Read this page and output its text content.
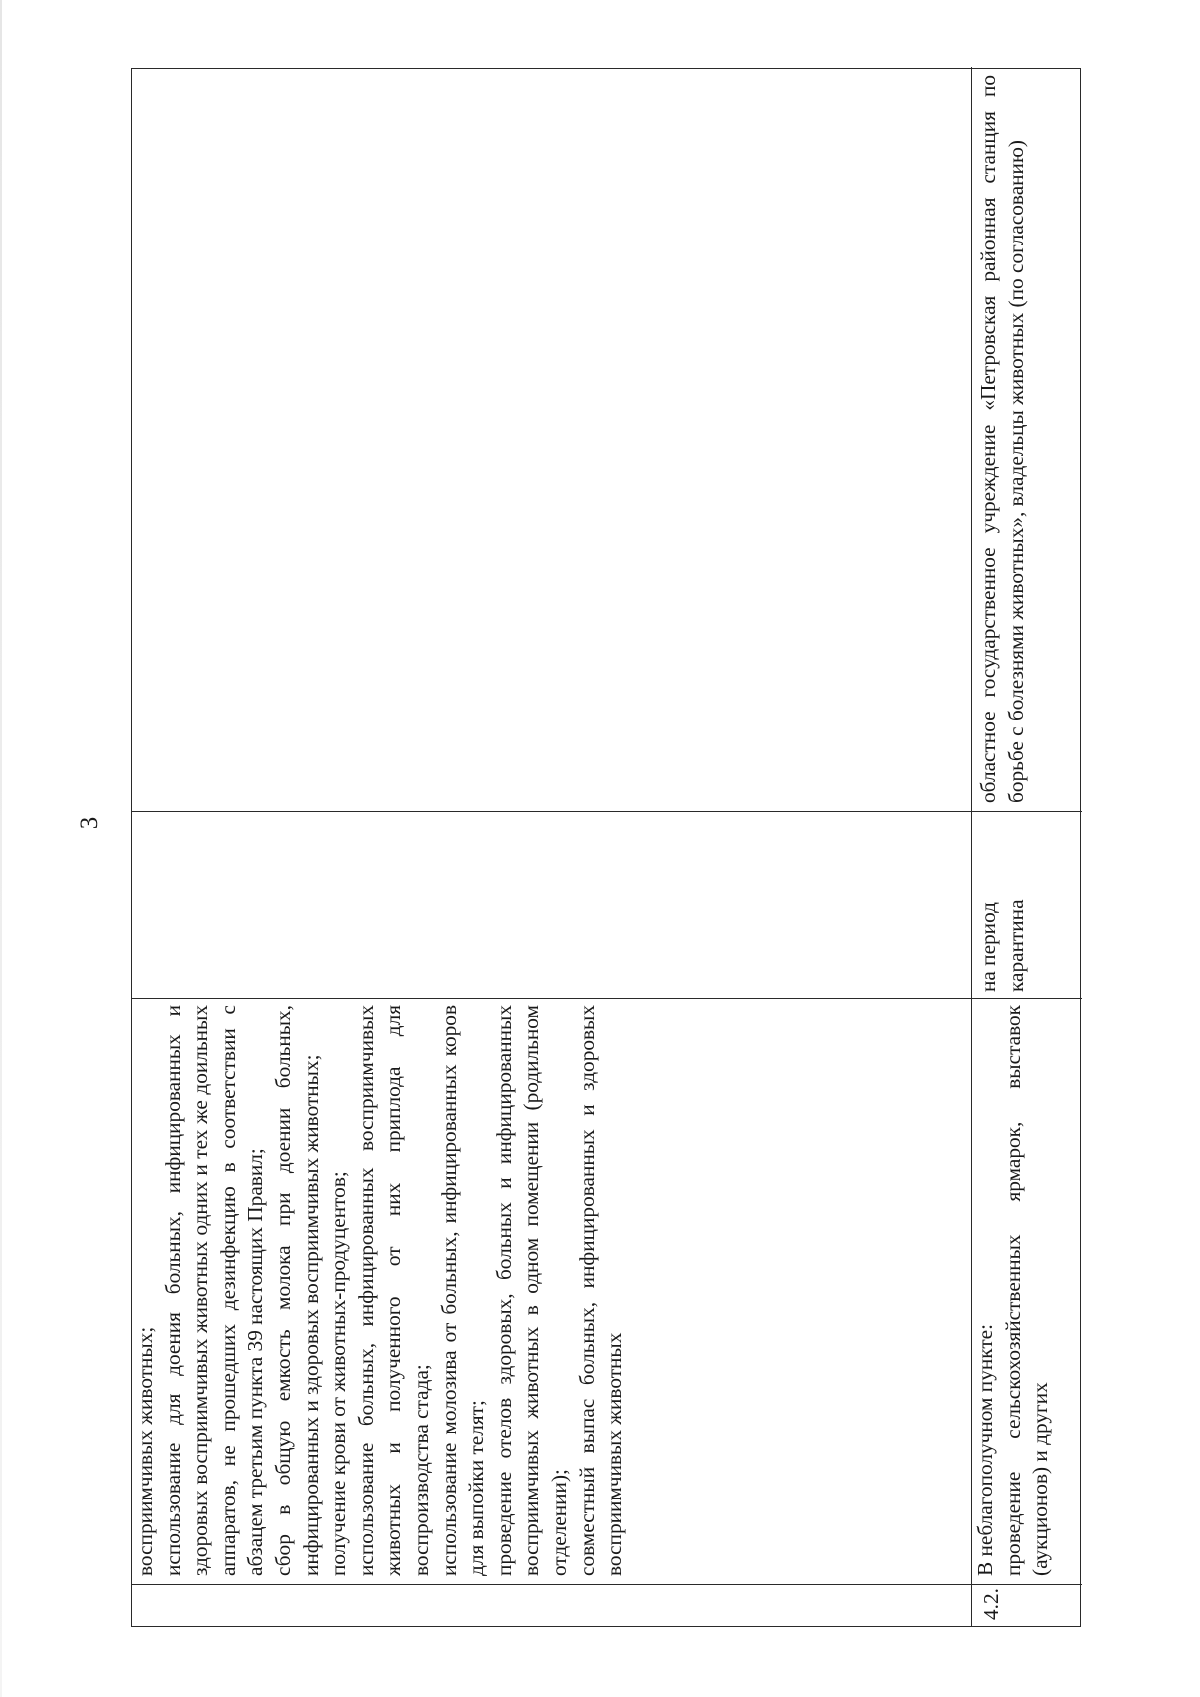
3

восприимчивых животных; использование для доения больных, инфицированных и здоровых восприимчивых животных одних и тех же доильных аппаратов, не прошедших дезинфекцию в соответствии с абзацем третьим пункта 39 настоящих Правил; сбор в общую емкость молока при доении больных, инфицированных и здоровых восприимчивых животных; получение крови от животных-продуцентов; использование больных, инфицированных восприимчивых животных и полученного от них приплода для воспроизводства стада; использование молозива от больных, инфицированных коров для выпойки телят; проведение отелов здоровых, больных и инфицированных восприимчивых животных в одном помещении (родильном отделении); совместный выпас больных, инфицированных и здоровых восприимчивых животных

4.2.

В неблагополучном пункте: проведение сельскохозяйственных ярмарок, выставок (аукционов) и других

на период карантина
областное государственное учреждение «Петровская районная станция по борьбе с болезнями животных», владельцы животных (по согласованию)
